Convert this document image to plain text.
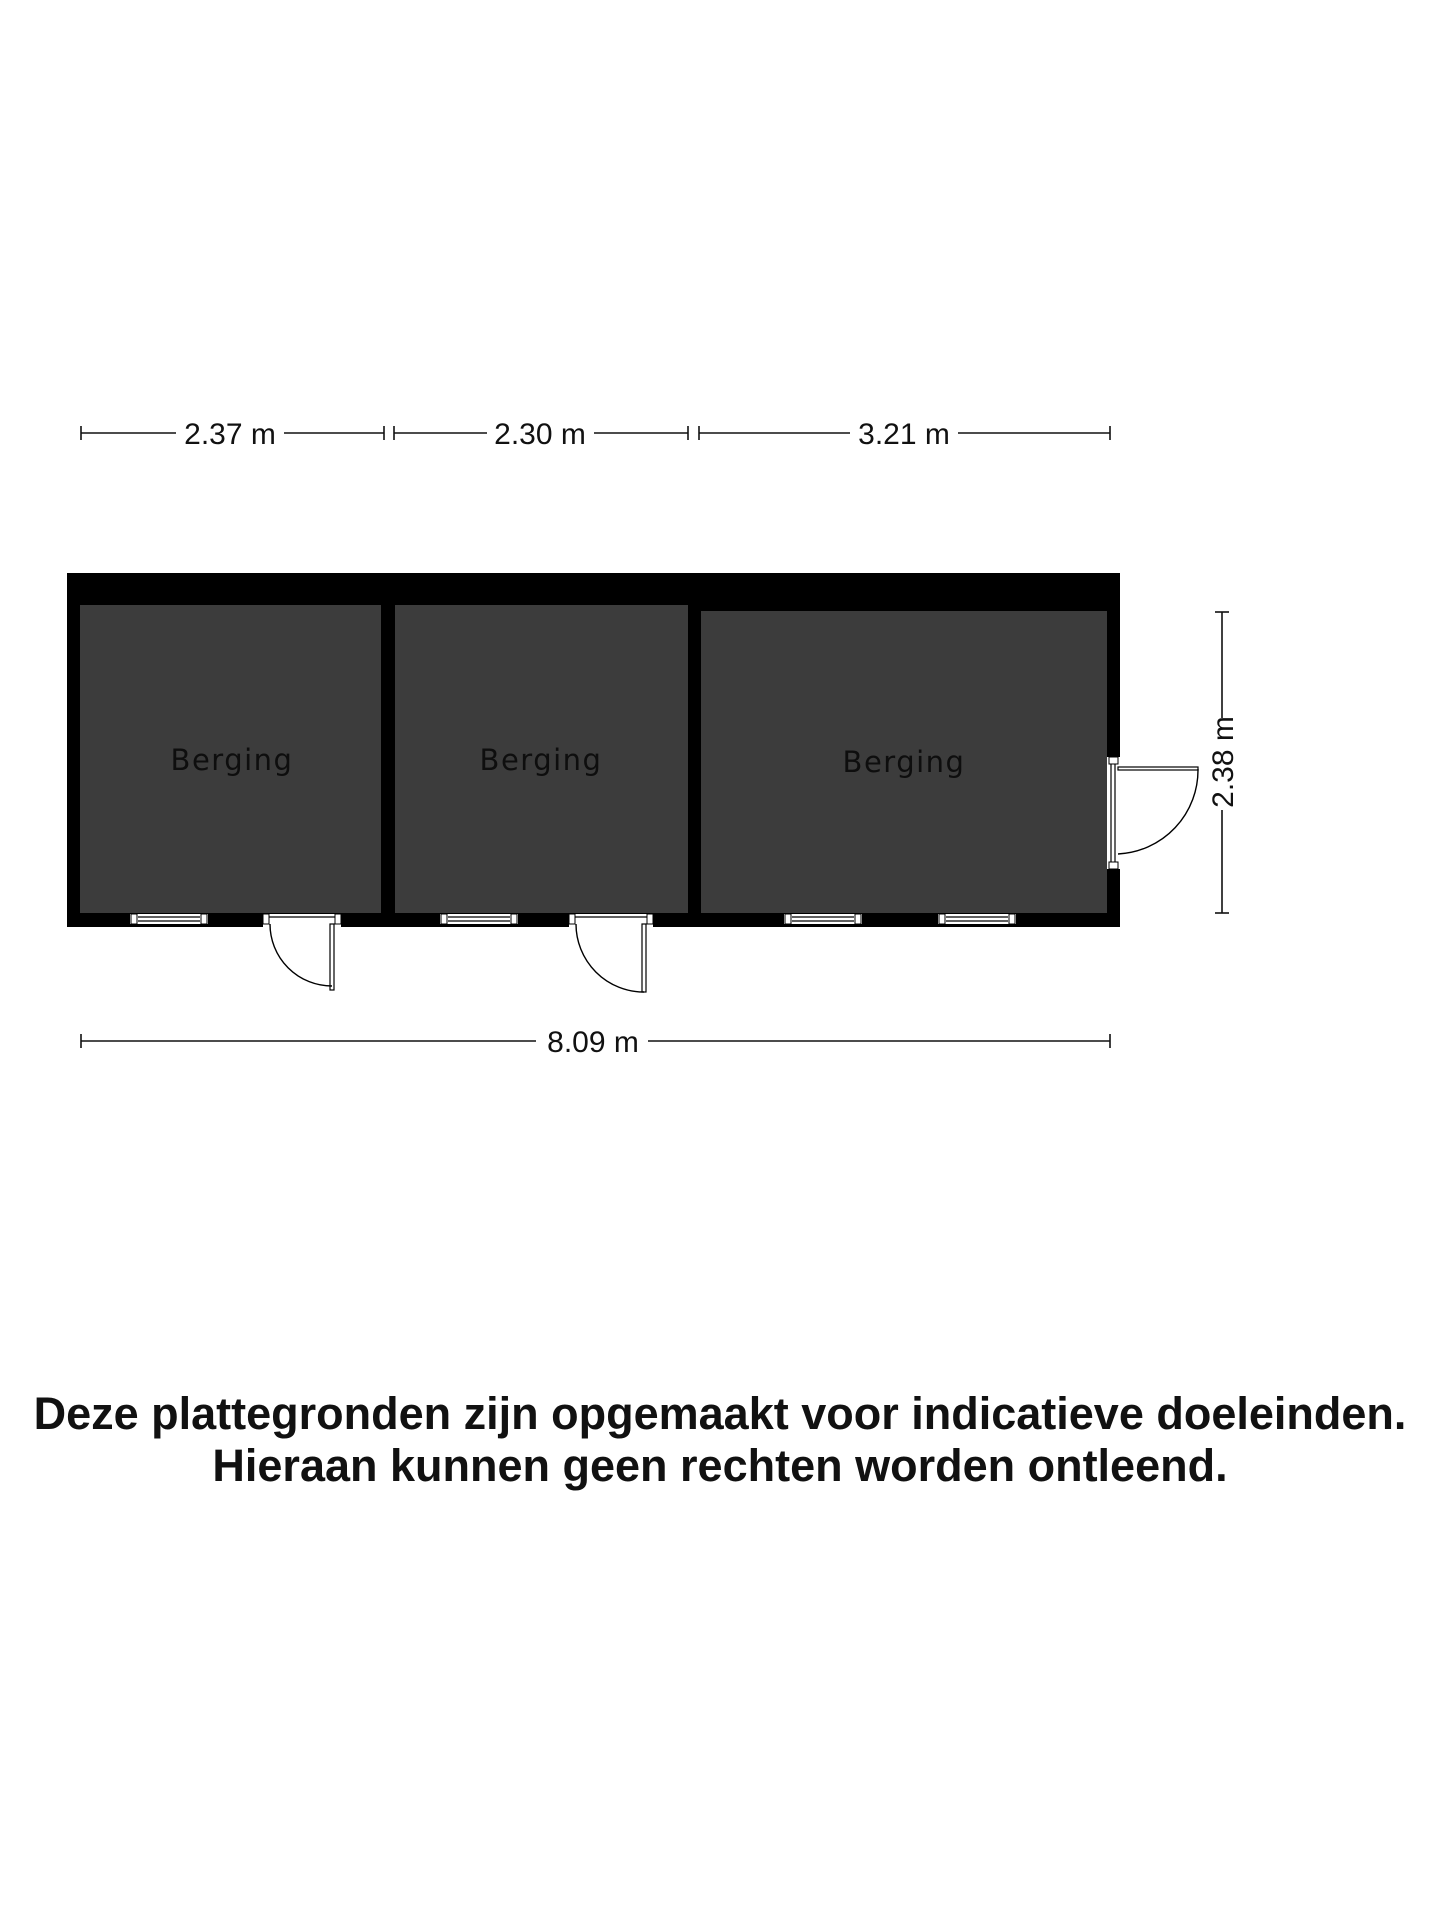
2.37 m	2.30 m	3.21 m
Berging	Berging	Berging	2.38 m
8.09 m
Deze plattegronden zijn opgemaakt voor indicatieve doeleinden.
Hieraan kunnen geen rechten worden ontleend.
